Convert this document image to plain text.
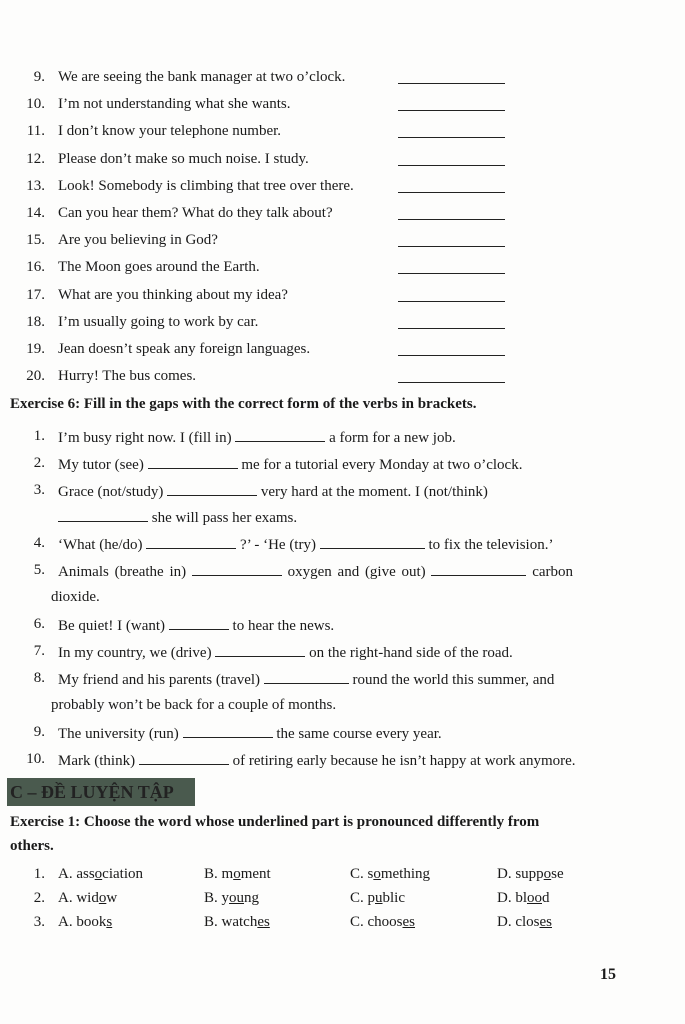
9. We are seeing the bank manager at two o’clock.
10. I’m not understanding what she wants.
11. I don’t know your telephone number.
12. Please don’t make so much noise. I study.
13. Look! Somebody is climbing that tree over there.
14. Can you hear them? What do they talk about?
15. Are you believing in God?
16. The Moon goes around the Earth.
17. What are you thinking about my idea?
18. I’m usually going to work by car.
19. Jean doesn’t speak any foreign languages.
20. Hurry! The bus comes.
Exercise 6: Fill in the gaps with the correct form of the verbs in brackets.
1. I’m busy right now. I (fill in)	a form for a new job.
2. My tutor (see)	me for a tutorial every Monday at two o’clock.
3. Grace (not/study)	very hard at the moment. I (not/think)
she will pass her exams.
4. ‘What (he/do)	?’ - ‘He (try)	to fix the television.’
5. Animals (breathe in)	oxygen and (give out)	carbon
dioxide.
6. Be quiet! I (want)	to hear the news.
7. In my country, we (drive)	on the right-hand side of the road.
8. My friend and his parents (travel)	round the world this summer, and
probably won’t be back for a couple of months.
9. The university (run)	the same course every year.
10. Mark (think)	of retiring early because he isn’t happy at work anymore.
C – ĐỀ LUYỆN TẬP
Exercise 1: Choose the word whose underlined part is pronounced differently from
others.
1. A. association	B. moment	C. something	D. suppose
2. A. widow	B. young	C. public	D. blood
3. A. books	B. watches	C. chooses	D. closes
15
